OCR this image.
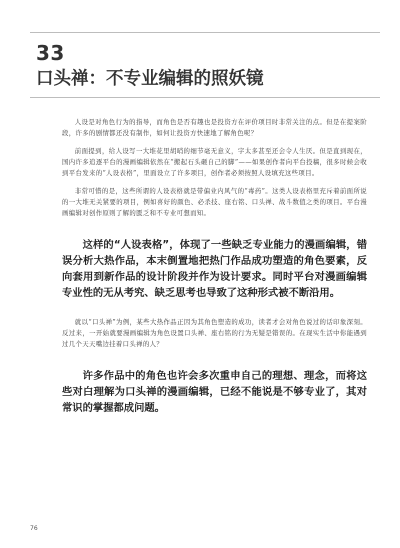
33
口头禅：不专业编辑的照妖镜

人设是对角色行为的指导，而角色是否有趣也是投资方在评价项目时非常关注的点。但是在提案阶段，许多的剧情都还没有制作，如何让投资方快速地了解角色呢？

前面提到，给人设写一大堆花里胡哨的细节毫无意义，字太多甚至还会令人生厌。但是直到现在，国内许多追逐平台的漫画编辑依然在“搬起石头砸自己的脚”——如果创作者向平台投稿，很多时候会收到平台发来的“人设表格”，里面设立了许多项目，创作者必须按照人设填充这些项目。

非常可惜的是，这些所谓的人设表格就是带偏业内风气的“毒药”。这类人设表格里充斥着前面所说的一大堆无关紧要的项目，例如喜好的颜色、必杀技、座右铭、口头禅、战斗数值之类的项目。平台漫画编辑对创作原则了解的匮乏和不专业可想而知。

这样的“人设表格”，体现了一些缺乏专业能力的漫画编辑，错误分析大热作品，本末倒置地把热门作品成功塑造的角色要素，反向套用到新作品的设计阶段并作为设计要求。同时平台对漫画编辑专业性的无从考究、缺乏思考也导致了这种形式被不断沿用。

就以“口头禅”为例，某些大热作品正因为其角色塑造的成功，读者才会对角色说过的话印象深刻。反过来，一开始就要漫画编辑为角色设置口头禅、座右铭的行为无疑是错误的。在现实生活中你能遇到过几个天天嘴边挂着口头禅的人？

许多作品中的角色也许会多次重申自己的理想、理念，而将这些对白理解为口头禅的漫画编辑，已经不能说是不够专业了，其对常识的掌握都成问题。

76
